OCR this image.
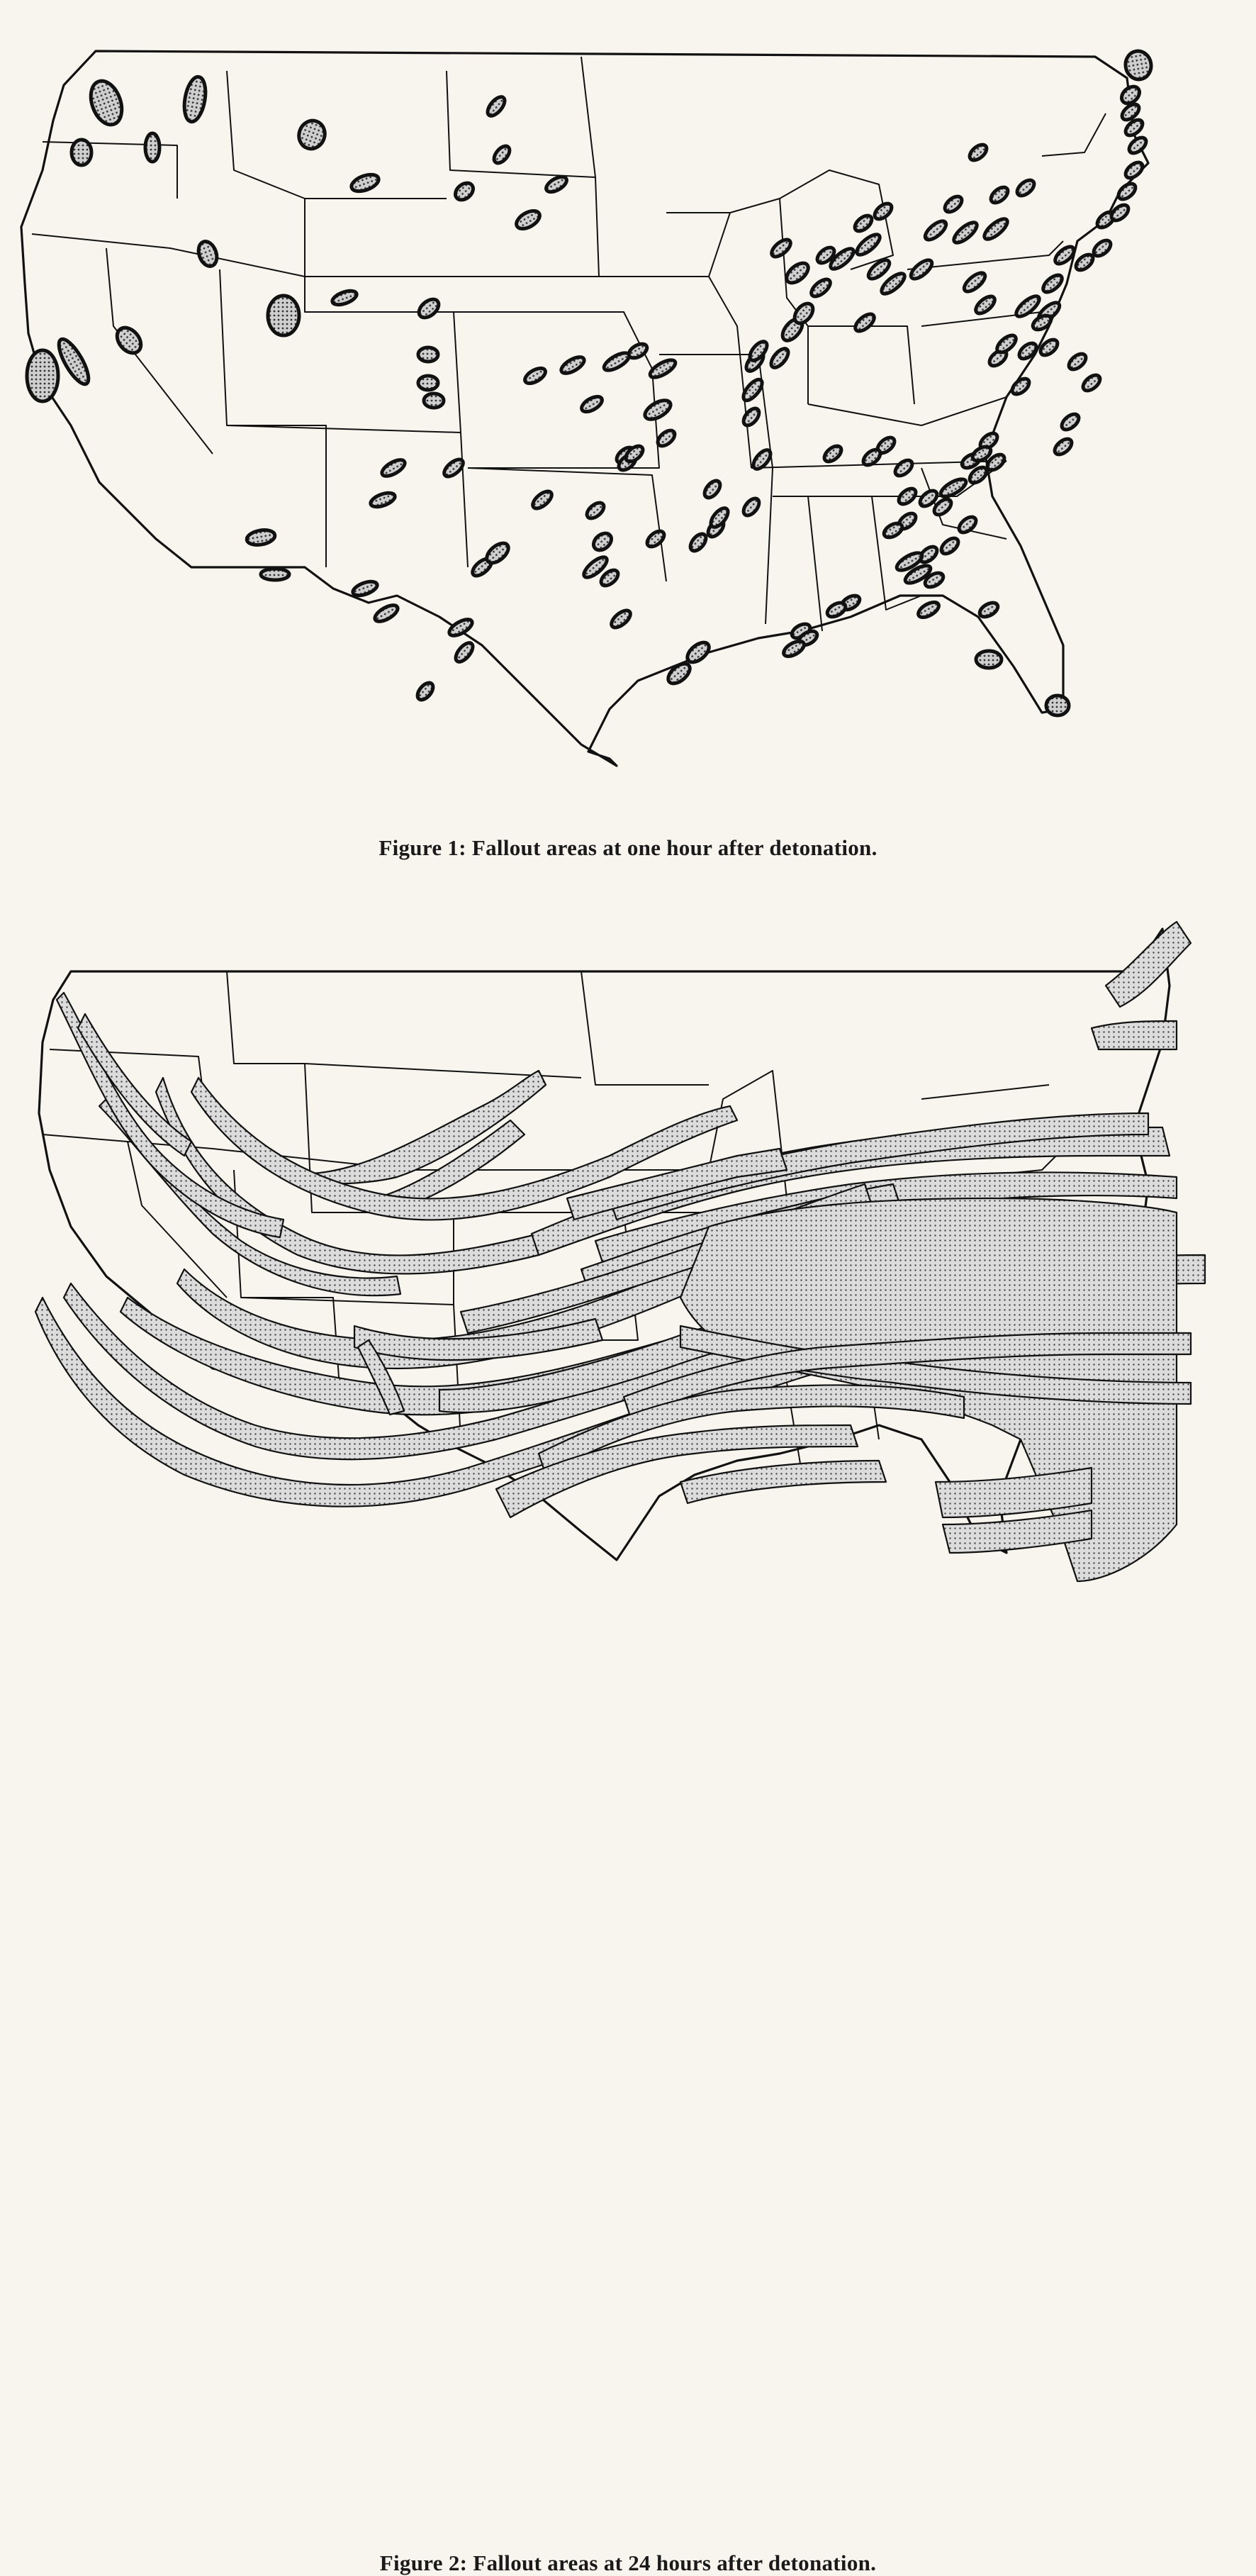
Figure 1: Fallout areas at one hour after detonation.
Figure 2: Fallout areas at 24 hours after detonation.
